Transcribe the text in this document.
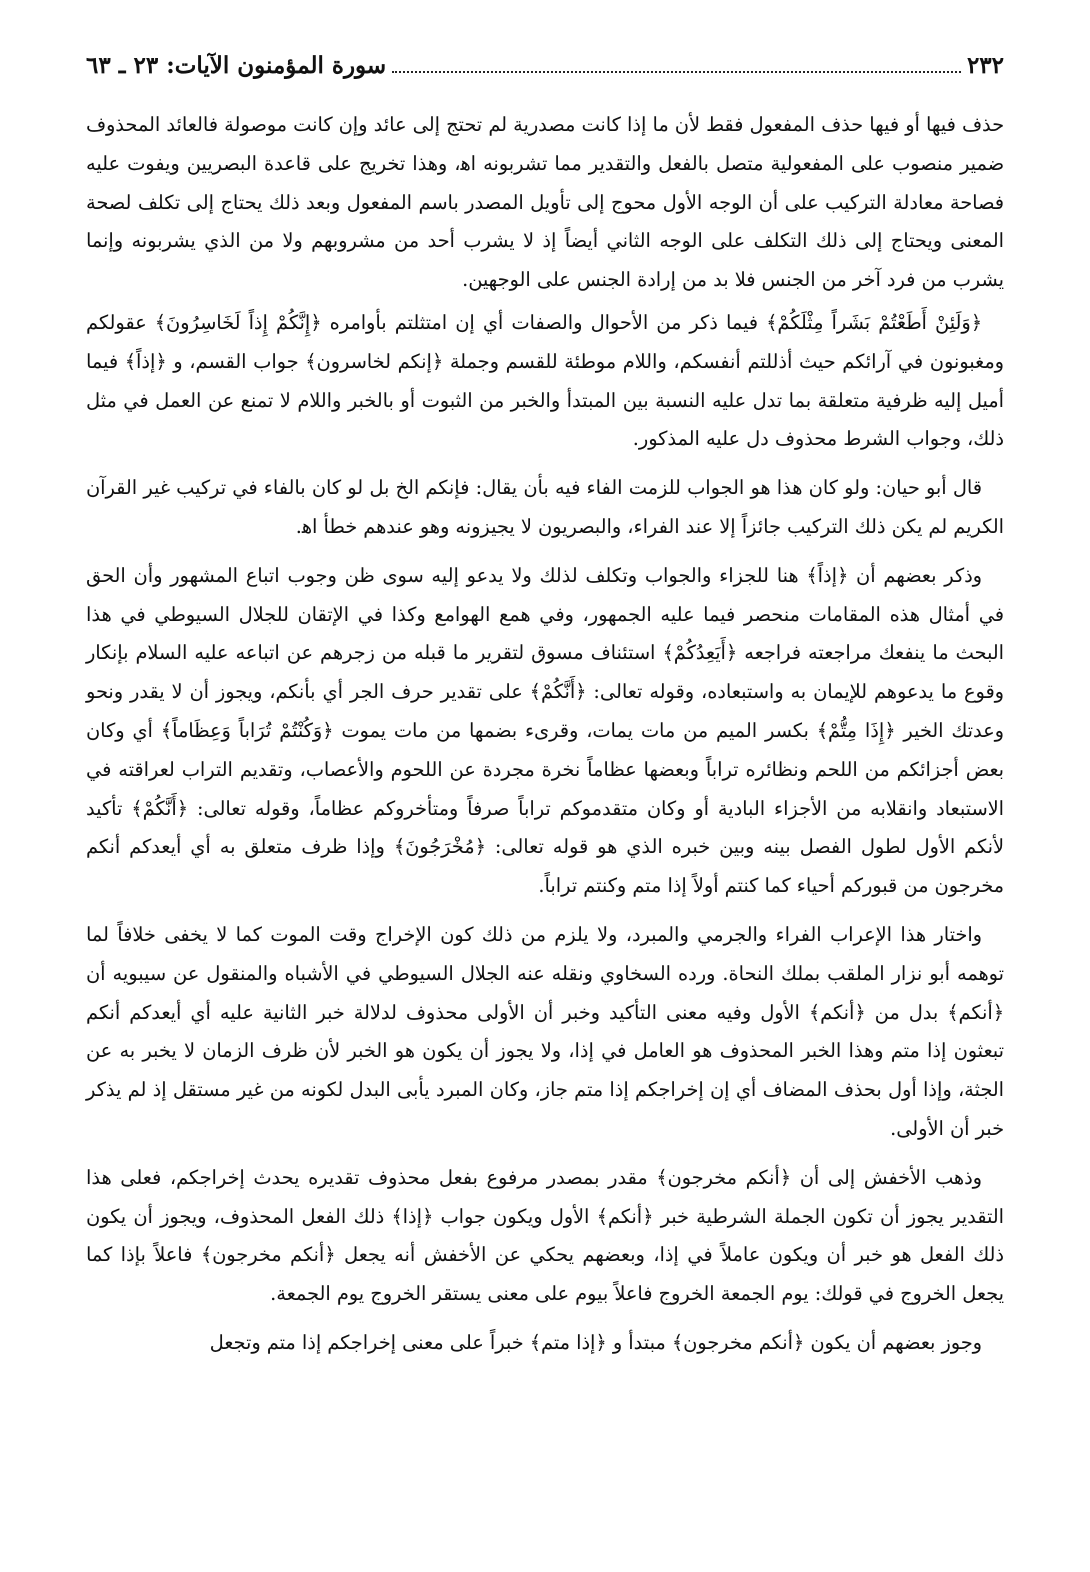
٢٣٢
سورة المؤمنون الآيات: ٢٣ ـ ٦٣

حذف فيها أو فيها حذف المفعول فقط لأن ما إذا كانت مصدرية لم تحتج إلى عائد وإن كانت موصولة فالعائد المحذوف ضمير منصوب على المفعولية متصل بالفعل والتقدير مما تشربونه اه‍، وهذا تخريج على قاعدة البصريين ويفوت عليه فصاحة معادلة التركيب على أن الوجه الأول محوج إلى تأويل المصدر باسم المفعول وبعد ذلك يحتاج إلى تكلف لصحة المعنى ويحتاج إلى ذلك التكلف على الوجه الثاني أيضاً إذ لا يشرب أحد من مشروبهم ولا من الذي يشربونه وإنما يشرب من فرد آخر من الجنس فلا بد من إرادة الجنس على الوجهين.

﴿وَلَئِنْ أَطَعْتُمْ بَشَراً مِثْلَكُمْ﴾ فيما ذكر من الأحوال والصفات أي إن امتثلتم بأوامره ﴿إِنَّكُمْ إِذاً لَخَاسِرُونَ﴾ عقولكم ومغبونون في آرائكم حيث أذللتم أنفسكم، واللام موطئة للقسم وجملة ﴿إنكم لخاسرون﴾ جواب القسم، و ﴿إذاً﴾ فيما أميل إليه ظرفية متعلقة بما تدل عليه النسبة بين المبتدأ والخبر من الثبوت أو بالخبر واللام لا تمنع عن العمل في مثل ذلك، وجواب الشرط محذوف دل عليه المذكور.

قال أبو حيان: ولو كان هذا هو الجواب للزمت الفاء فيه بأن يقال: فإنكم الخ بل لو كان بالفاء في تركيب غير القرآن الكريم لم يكن ذلك التركيب جائزاً إلا عند الفراء، والبصريون لا يجيزونه وهو عندهم خطأ اه‍.

وذكر بعضهم أن ﴿إذاً﴾ هنا للجزاء والجواب وتكلف لذلك ولا يدعو إليه سوى ظن وجوب اتباع المشهور وأن الحق في أمثال هذه المقامات منحصر فيما عليه الجمهور، وفي همع الهوامع وكذا في الإتقان للجلال السيوطي في هذا البحث ما ينفعك مراجعته فراجعه ﴿أَيَعِدُكُمْ﴾ استئناف مسوق لتقرير ما قبله من زجرهم عن اتباعه عليه السلام بإنكار وقوع ما يدعوهم للإيمان به واستبعاده، وقوله تعالى: ﴿أَنَّكُمْ﴾ على تقدير حرف الجر أي بأنكم، ويجوز أن لا يقدر ونحو وعدتك الخير ﴿إِذَا مِتُّمْ﴾ بكسر الميم من مات يمات، وقرىء بضمها من مات يموت ﴿وَكُنْتُمْ تُرَاباً وَعِظَاماً﴾ أي وكان بعض أجزائكم من اللحم ونظائره تراباً وبعضها عظاماً نخرة مجردة عن اللحوم والأعصاب، وتقديم التراب لعراقته في الاستبعاد وانقلابه من الأجزاء البادية أو وكان متقدموكم تراباً صرفاً ومتأخروكم عظاماً، وقوله تعالى: ﴿أَنَّكُمْ﴾ تأكيد لأنكم الأول لطول الفصل بينه وبين خبره الذي هو قوله تعالى: ﴿مُخْرَجُونَ﴾ وإذا ظرف متعلق به أي أيعدكم أنكم مخرجون من قبوركم أحياء كما كنتم أولاً إذا متم وكنتم تراباً.

واختار هذا الإعراب الفراء والجرمي والمبرد، ولا يلزم من ذلك كون الإخراج وقت الموت كما لا يخفى خلافاً لما توهمه أبو نزار الملقب بملك النحاة. ورده السخاوي ونقله عنه الجلال السيوطي في الأشباه والمنقول عن سيبويه أن ﴿أنكم﴾ بدل من ﴿أنكم﴾ الأول وفيه معنى التأكيد وخبر أن الأولى محذوف لدلالة خبر الثانية عليه أي أيعدكم أنكم تبعثون إذا متم وهذا الخبر المحذوف هو العامل في إذا، ولا يجوز أن يكون هو الخبر لأن ظرف الزمان لا يخبر به عن الجثة، وإذا أول بحذف المضاف أي إن إخراجكم إذا متم جاز، وكان المبرد يأبى البدل لكونه من غير مستقل إذ لم يذكر خبر أن الأولى.

وذهب الأخفش إلى أن ﴿أنكم مخرجون﴾ مقدر بمصدر مرفوع بفعل محذوف تقديره يحدث إخراجكم، فعلى هذا التقدير يجوز أن تكون الجملة الشرطية خبر ﴿أنكم﴾ الأول ويكون جواب ﴿إذا﴾ ذلك الفعل المحذوف، ويجوز أن يكون ذلك الفعل هو خبر أن ويكون عاملاً في إذا، وبعضهم يحكي عن الأخفش أنه يجعل ﴿أنكم مخرجون﴾ فاعلاً بإذا كما يجعل الخروج في قولك: يوم الجمعة الخروج فاعلاً بيوم على معنى يستقر الخروج يوم الجمعة.

وجوز بعضهم أن يكون ﴿أنكم مخرجون﴾ مبتدأ و ﴿إذا متم﴾ خبراً على معنى إخراجكم إذا متم وتجعل
